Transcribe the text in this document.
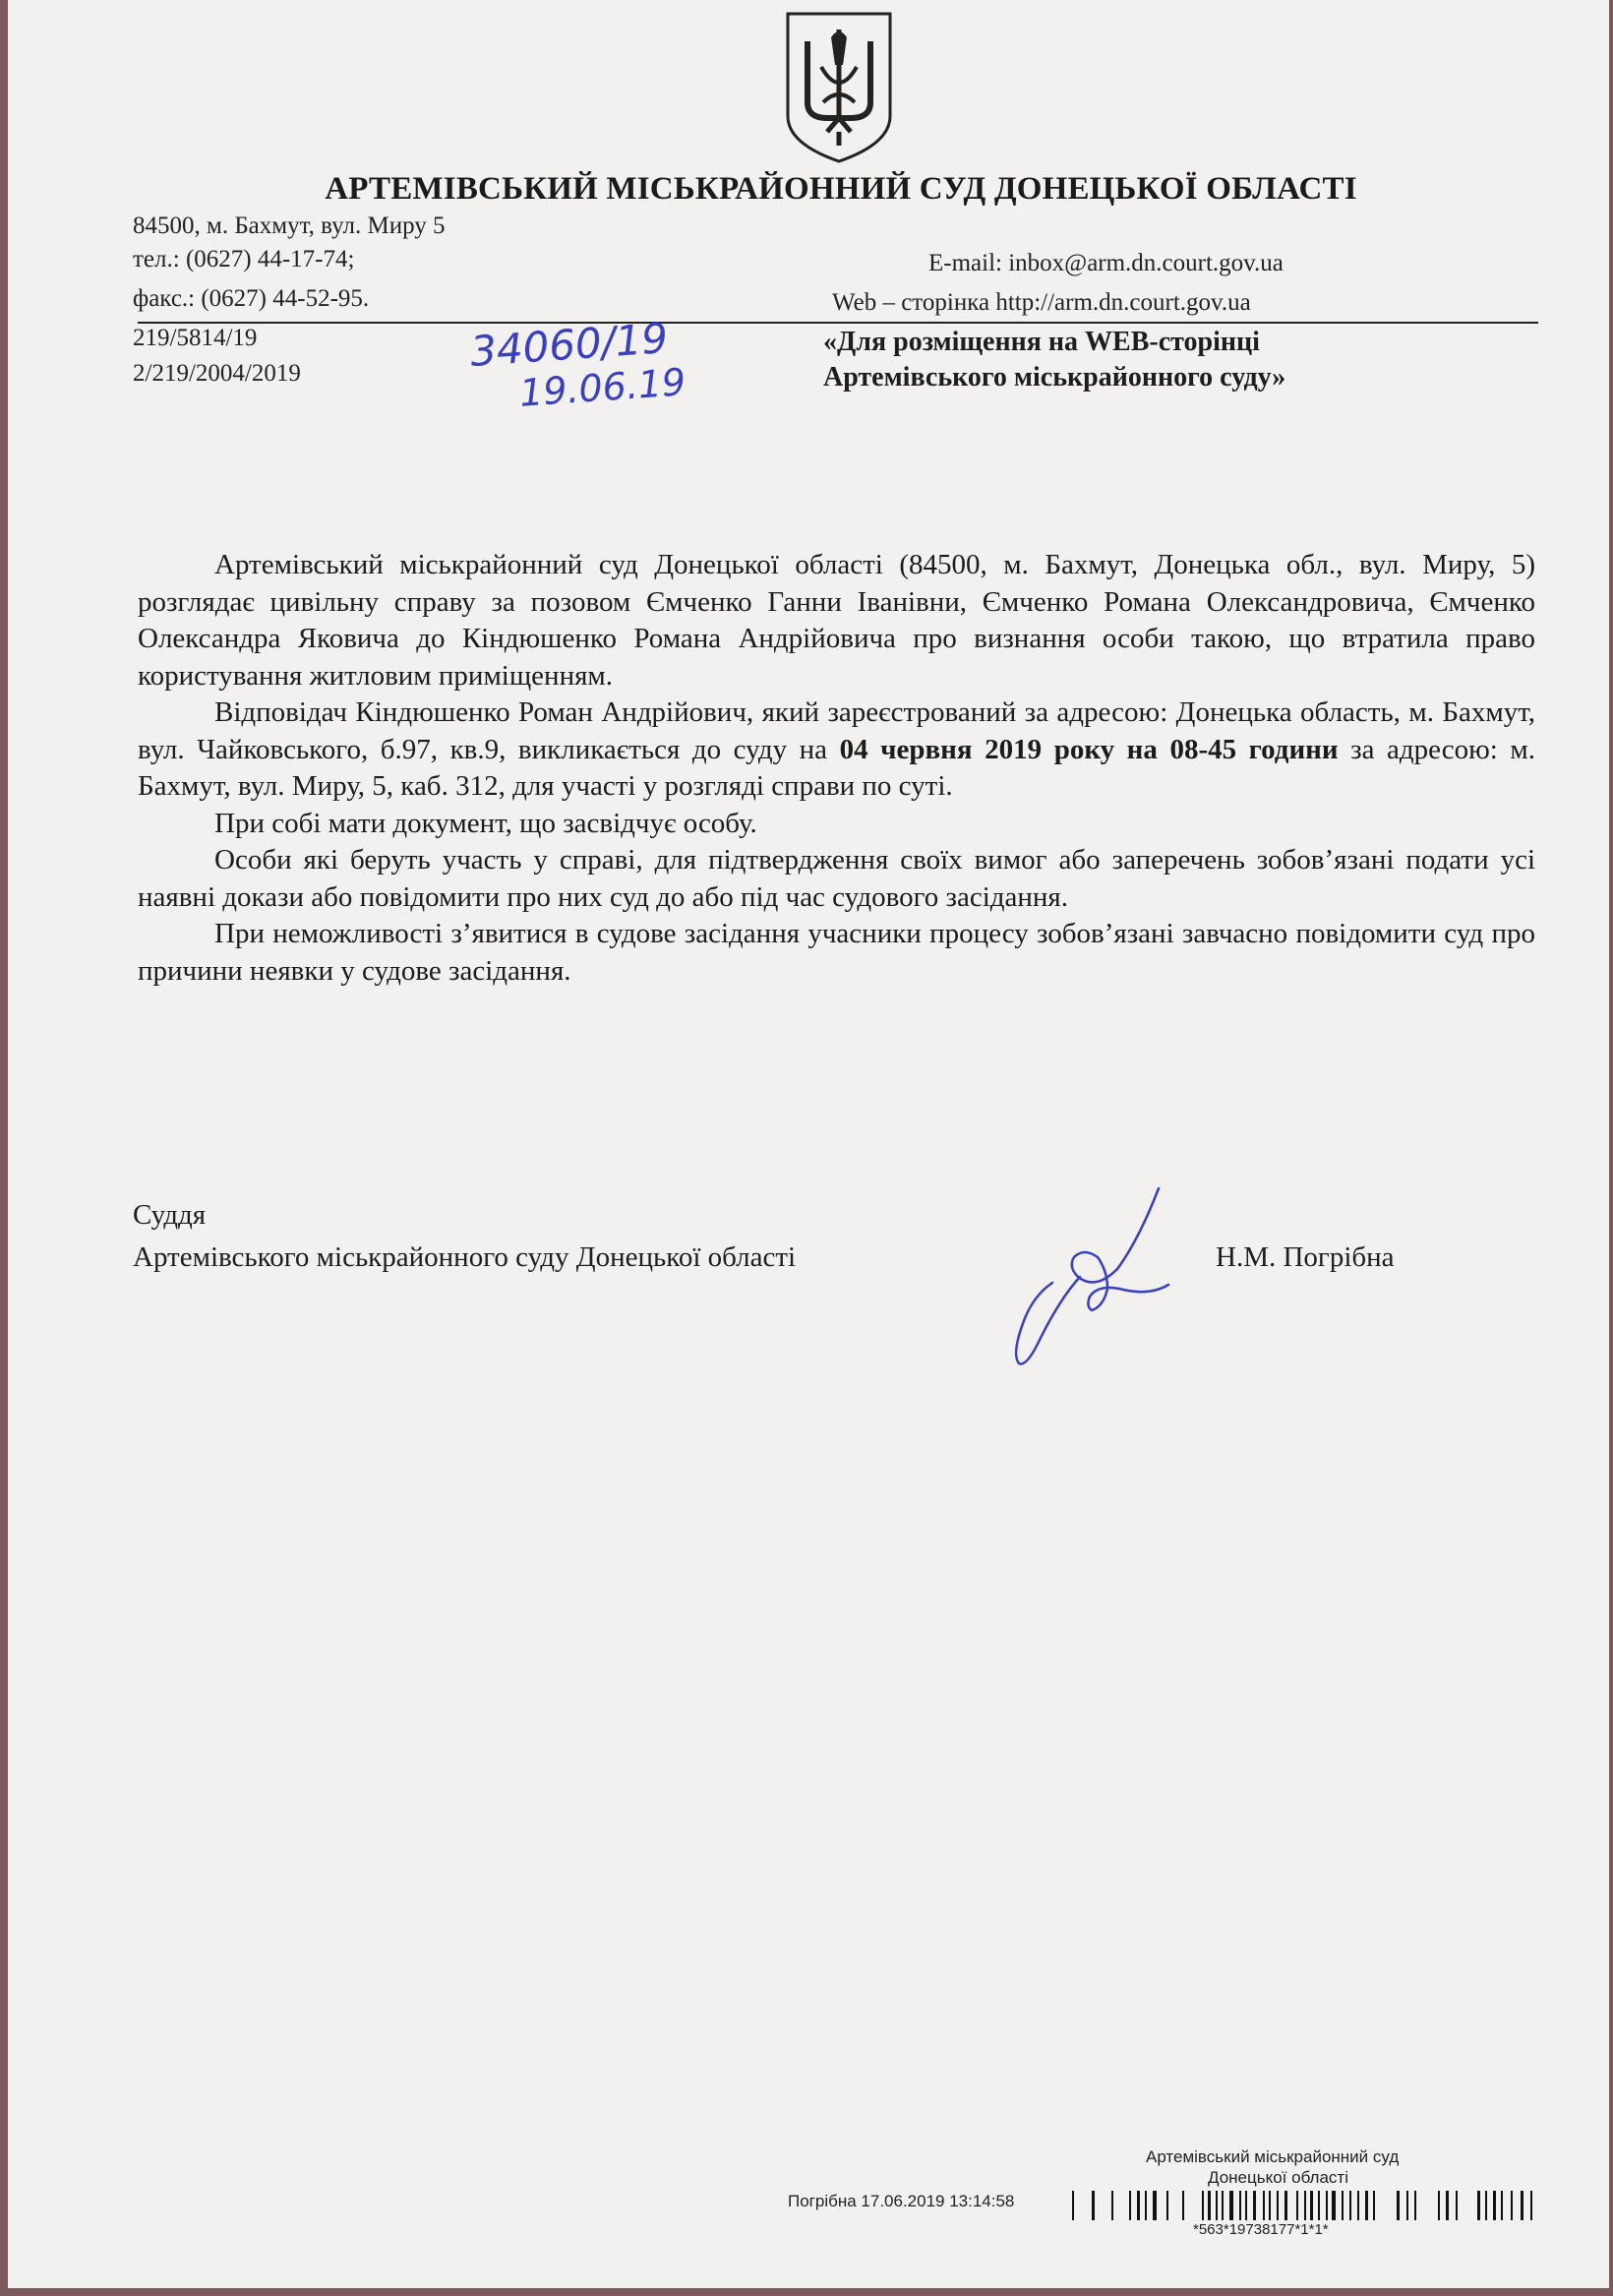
АРТЕМІВСЬКИЙ МІСЬКРАЙОННИЙ СУД ДОНЕЦЬКОЇ ОБЛАСТІ
84500, м. Бахмут, вул. Миру 5
тел.: (0627) 44-17-74;
факс.: (0627) 44-52-95.
E-mail: inbox@arm.dn.court.gov.ua
Web – сторінка http://arm.dn.court.gov.ua
219/5814/19
2/219/2004/2019	34060/19
19.06.19
«Для розміщення на WEB-сторінці
Артемівського міськрайонного суду»

Артемівський міськрайонний суд Донецької області (84500, м. Бахмут, Донецька обл., вул. Миру, 5) розглядає цивільну справу за позовом Ємченко Ганни Іванівни, Ємченко Романа Олександровича, Ємченко Олександра Яковича до Кіндюшенко Романа Андрійовича про визнання особи такою, що втратила право користування житловим приміщенням.

Відповідач Кіндюшенко Роман Андрійович, який зареєстрований за адресою: Донецька область, м. Бахмут, вул. Чайковського, б.97, кв.9, викликається до суду на 04 червня 2019 року на 08-45 години за адресою: м. Бахмут, вул. Миру, 5, каб. 312, для участі у розгляді справи по суті.

При собі мати документ, що засвідчує особу.

Особи які беруть участь у справі, для підтвердження своїх вимог або заперечень зобов’язані подати усі наявні докази або повідомити про них суд до або під час судового засідання.

При неможливості з’явитися в судове засідання учасники процесу зобов’язані завчасно повідомити суд про причини неявки у судове засідання.

Суддя
Артемівського міськрайонного суду Донецької області	Н.М. Погрібна
Артемівський міськрайонний суд
Донецької області
Погрібна 17.06.2019 13:14:58
*563*19738177*1*1*
